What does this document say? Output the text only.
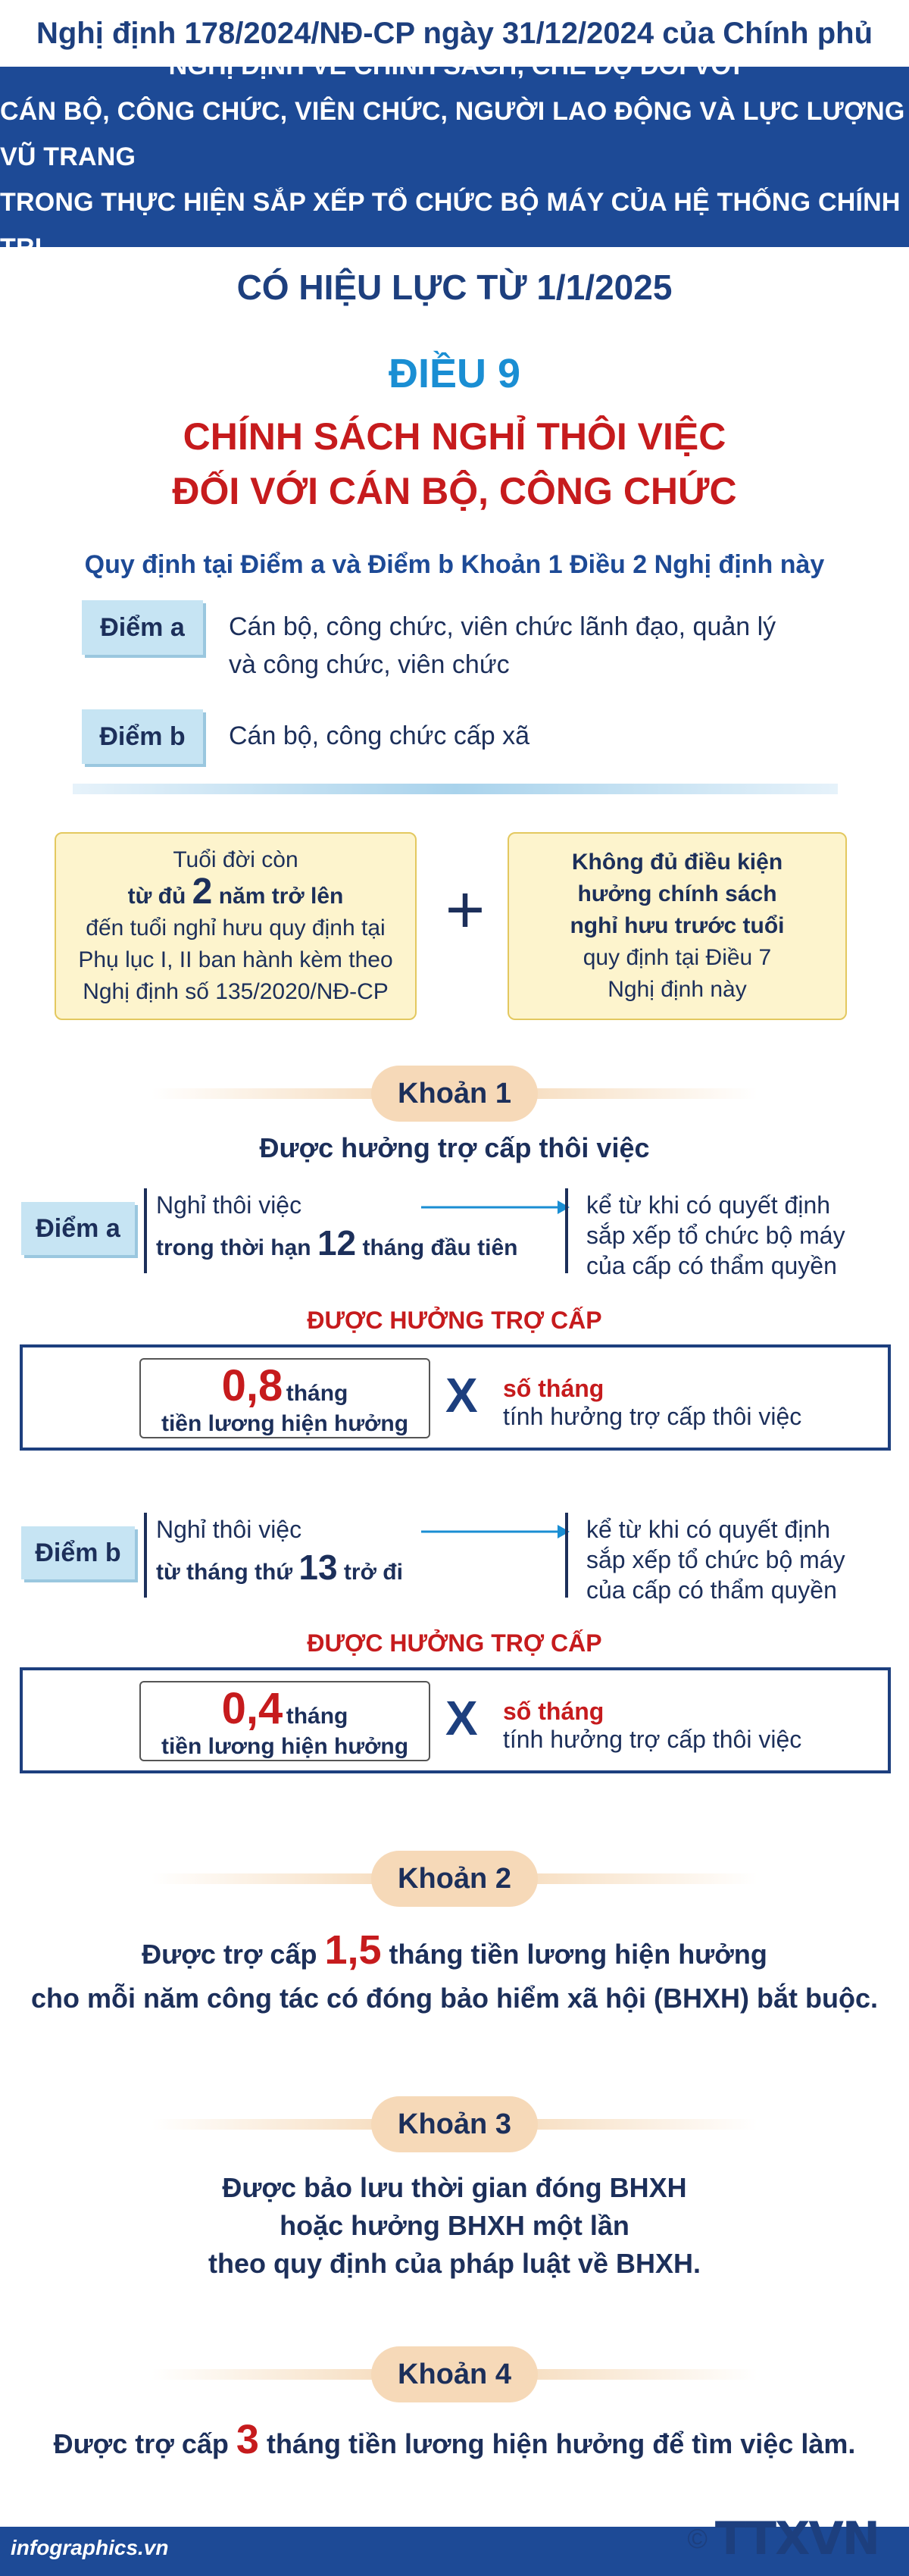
Nghị định 178/2024/NĐ-CP ngày 31/12/2024 của Chính phủ
NGHỊ ĐỊNH VỀ CHÍNH SÁCH, CHẾ ĐỘ ĐỐI VỚI
CÁN BỘ, CÔNG CHỨC, VIÊN CHỨC, NGƯỜI LAO ĐỘNG VÀ LỰC LƯỢNG VŨ TRANG
TRONG THỰC HIỆN SẮP XẾP TỔ CHỨC BỘ MÁY CỦA HỆ THỐNG CHÍNH TRỊ
CÓ HIỆU LỰC TỪ 1/1/2025
ĐIỀU 9
CHÍNH SÁCH NGHỈ THÔI VIỆC
ĐỐI VỚI CÁN BỘ, CÔNG CHỨC
Quy định tại Điểm a và Điểm b Khoản 1 Điều 2 Nghị định này
Điểm a	Cán bộ, công chức, viên chức lãnh đạo, quản lý
và công chức, viên chức
Điểm b	Cán bộ, công chức cấp xã
Tuổi đời còn
từ đủ 2 năm trở lên
đến tuổi nghỉ hưu quy định tại
Phụ lục I, II ban hành kèm theo
Nghị định số 135/2020/NĐ-CP
+
Không đủ điều kiện
hưởng chính sách
nghỉ hưu trước tuổi
quy định tại Điều 7
Nghị định này
Khoản 1
Được hưởng trợ cấp thôi việc
Điểm a
Nghỉ thôi việc
trong thời hạn 12 tháng đầu tiên
kể từ khi có quyết định
sắp xếp tổ chức bộ máy
của cấp có thẩm quyền
ĐƯỢC HƯỞNG TRỢ CẤP
0,8 tháng
tiền lương hiện hưởng
X số tháng
tính hưởng trợ cấp thôi việc
Điểm b
Nghỉ thôi việc
từ tháng thứ 13 trở đi
kể từ khi có quyết định
sắp xếp tổ chức bộ máy
của cấp có thẩm quyền
ĐƯỢC HƯỞNG TRỢ CẤP
0,4 tháng
tiền lương hiện hưởng
X số tháng
tính hưởng trợ cấp thôi việc
Khoản 2
Được trợ cấp 1,5 tháng tiền lương hiện hưởng
cho mỗi năm công tác có đóng bảo hiểm xã hội (BHXH) bắt buộc.
Khoản 3
Được bảo lưu thời gian đóng BHXH
hoặc hưởng BHXH một lần
theo quy định của pháp luật về BHXH.
Khoản 4
Được trợ cấp 3 tháng tiền lương hiện hưởng để tìm việc làm.
infographics.vn	© TTXVN
